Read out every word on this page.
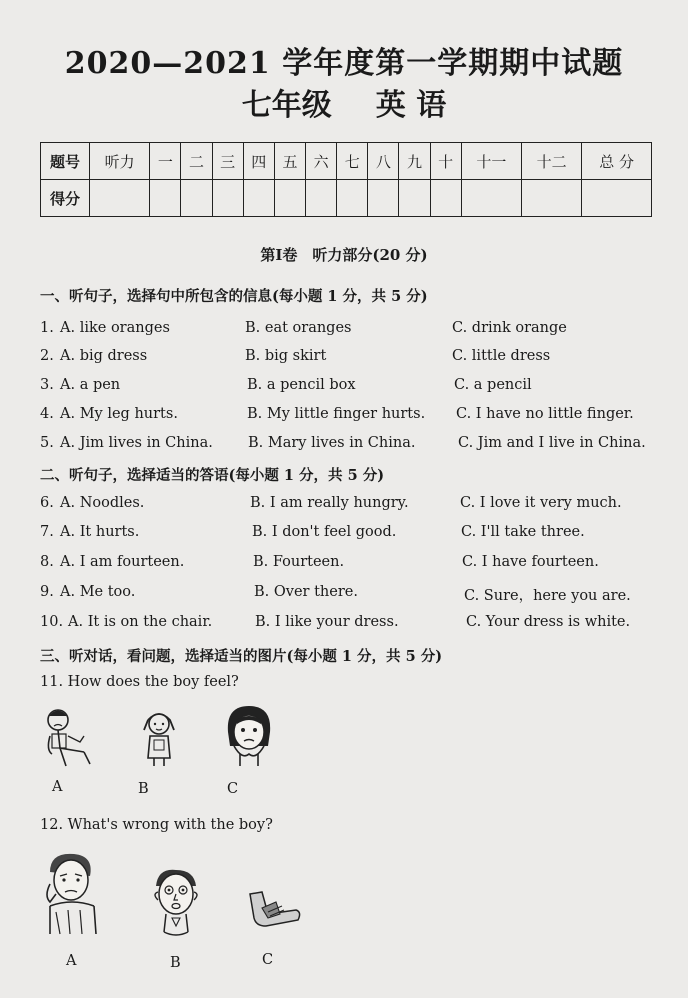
2020—2021 学年度第一学期期中试题
七年级 英 语
题号	听力	一	二	三	四	五	六	七	八	九	十	十一	十二	总 分
得分														
第Ⅰ卷　听力部分(20 分)
一、听句子，选择句中所包含的信息(每小题 1 分，共 5 分)
1. A. like oranges	B. eat oranges	C. drink orange
2. A. big dress	B. big skirt	C. little dress
3. A. a pen	B. a pencil box	C. a pencil
4. A. My leg hurts.	B. My little finger hurts. C. I have no little finger.
5. A. Jim lives in China. B. Mary lives in China.	C. Jim and I live in China.
二、听句子，选择适当的答语(每小题 1 分，共 5 分)
6. A. Noodles.	B. I am really hungry.	C. I love it very much.
7. A. It hurts.	B. I don't feel good.	C. I'll take three.
8. A. I am fourteen.	B. Fourteen.	C. I have fourteen.
9. A. Me too.	B. Over there.	C. Sure，here you are.
10. A. It is on the chair.	B. I like your dress.	C. Your dress is white.
三、听对话，看问题，选择适当的图片(每小题 1 分，共 5 分)
11. How does the boy feel?
A	B	C
12. What's wrong with the boy?
A	B	C
